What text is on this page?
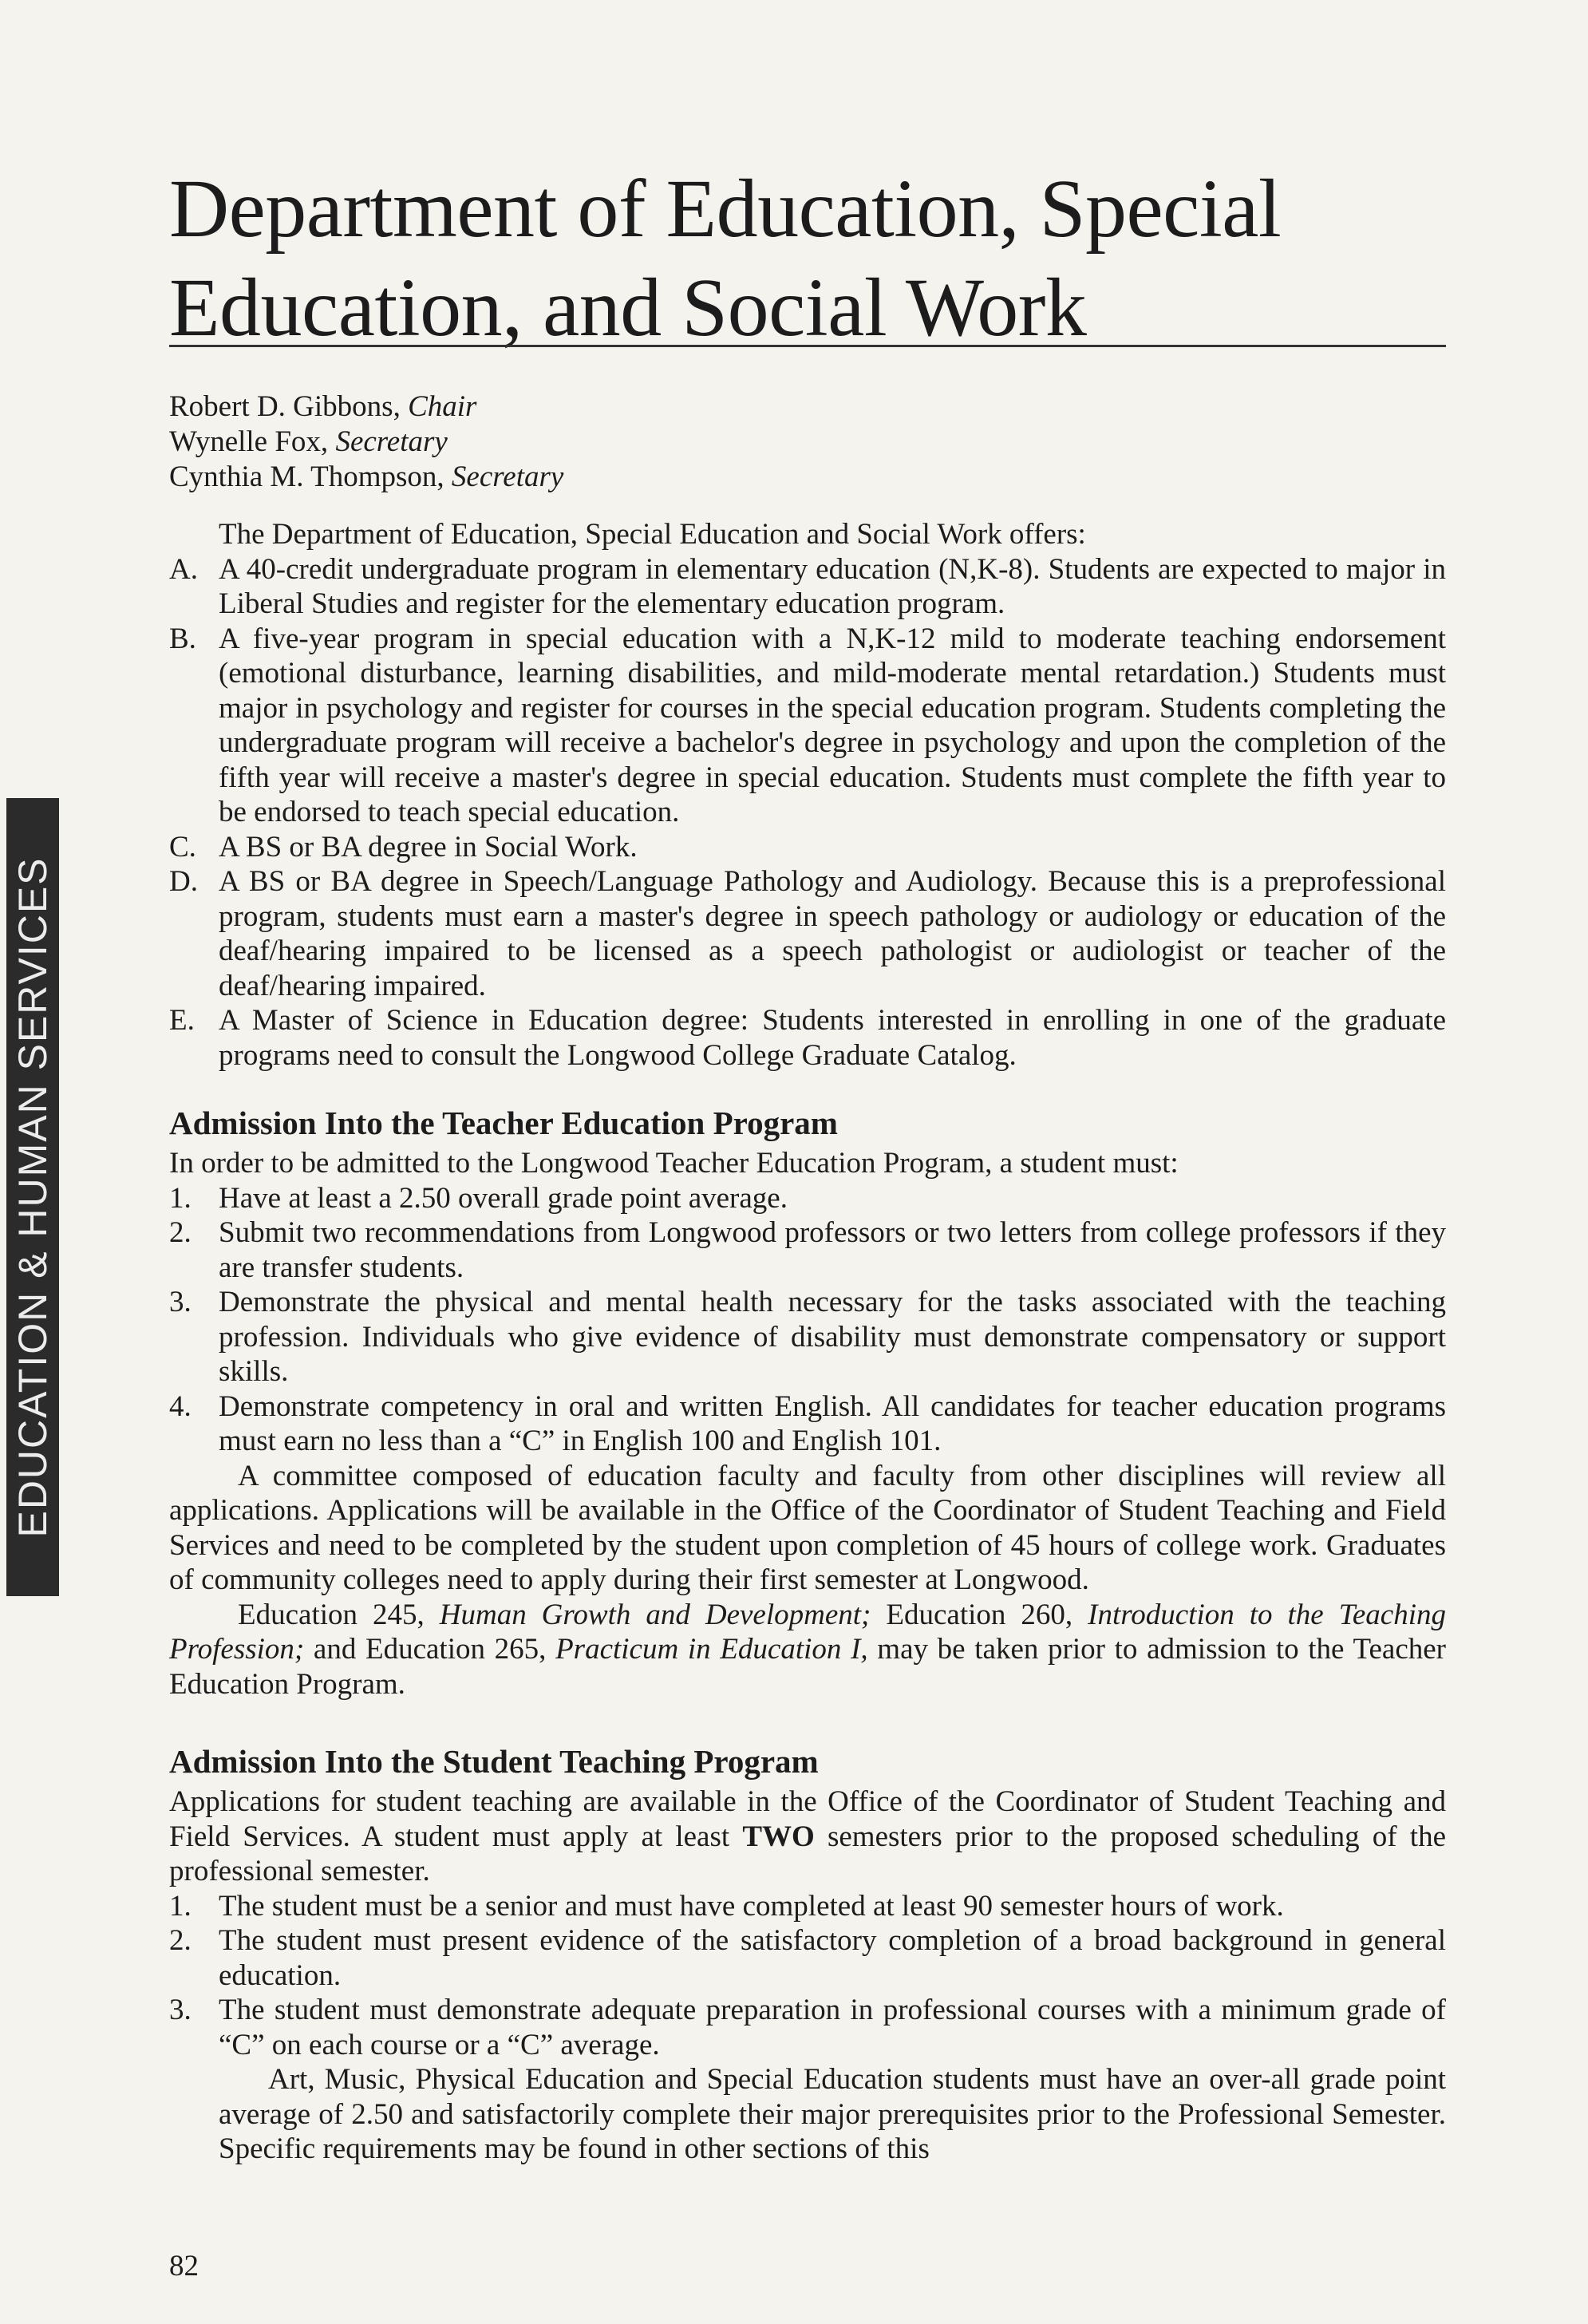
Department of Education, Special Education, and Social Work
Robert D. Gibbons, Chair
Wynelle Fox, Secretary
Cynthia M. Thompson, Secretary

The Department of Education, Special Education and Social Work offers:

A. A 40-credit undergraduate program in elementary education (N,K-8). Students are expected to major in Liberal Studies and register for the elementary education program.
B. A five-year program in special education with a N,K-12 mild to moderate teaching endorsement (emotional disturbance, learning disabilities, and mild-moderate mental retardation.) Students must major in psychology and register for courses in the special education program. Students completing the undergraduate program will receive a bachelor's degree in psychology and upon the completion of the fifth year will receive a master's degree in special education. Students must complete the fifth year to be endorsed to teach special education.
C. A BS or BA degree in Social Work.
D. A BS or BA degree in Speech/Language Pathology and Audiology. Because this is a preprofessional program, students must earn a master's degree in speech pathology or audiology or education of the deaf/hearing impaired to be licensed as a speech pathologist or audiologist or teacher of the deaf/hearing impaired.
E. A Master of Science in Education degree: Students interested in enrolling in one of the graduate programs need to consult the Longwood College Graduate Catalog.
Admission Into the Teacher Education Program

In order to be admitted to the Longwood Teacher Education Program, a student must:

1. Have at least a 2.50 overall grade point average.
2. Submit two recommendations from Longwood professors or two letters from college professors if they are transfer students.
3. Demonstrate the physical and mental health necessary for the tasks associated with the teaching profession. Individuals who give evidence of disability must demonstrate compensatory or support skills.
4. Demonstrate competency in oral and written English. All candidates for teacher education programs must earn no less than a “C” in English 100 and English 101.

A committee composed of education faculty and faculty from other disciplines will review all applications. Applications will be available in the Office of the Coordinator of Student Teaching and Field Services and need to be completed by the student upon completion of 45 hours of college work. Graduates of community colleges need to apply during their first semester at Longwood.

Education 245, Human Growth and Development; Education 260, Introduction to the Teaching Profession; and Education 265, Practicum in Education I, may be taken prior to admission to the Teacher Education Program.

Admission Into the Student Teaching Program

Applications for student teaching are available in the Office of the Coordinator of Student Teaching and Field Services. A student must apply at least TWO semesters prior to the proposed scheduling of the professional semester.

1. The student must be a senior and must have completed at least 90 semester hours of work.
2. The student must present evidence of the satisfactory completion of a broad background in general education.
3. The student must demonstrate adequate preparation in professional courses with a minimum grade of “C” on each course or a “C” average.

Art, Music, Physical Education and Special Education students must have an over-all grade point average of 2.50 and satisfactorily complete their major prerequisites prior to the Professional Semester. Specific requirements may be found in other sections of this

82
EDUCATION & HUMAN SERVICES
